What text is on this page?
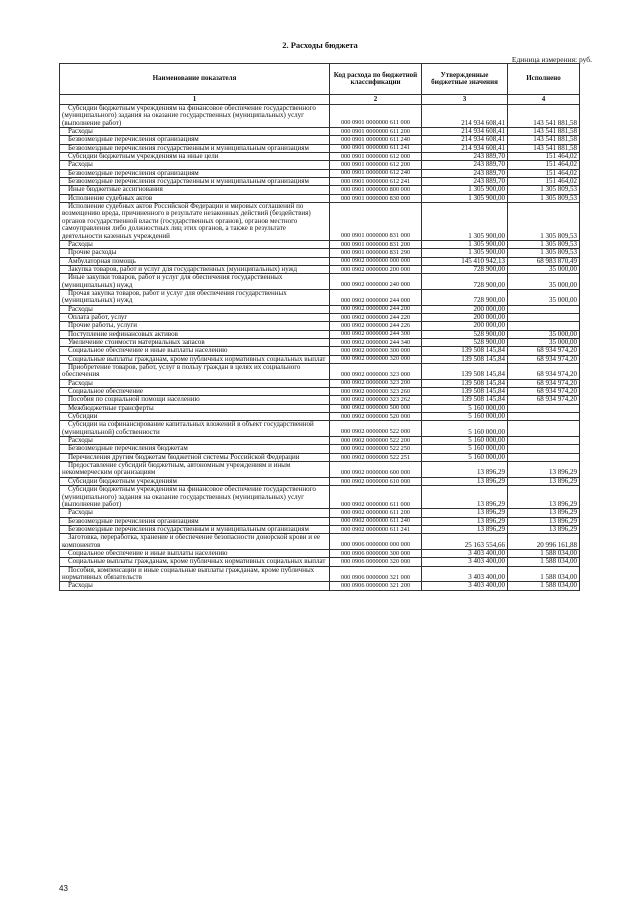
2. Расходы бюджета
Единица измерения: руб.
Наименование показателя	Код расхода по бюджетной классификации	Утвержденные бюджетные значения	Исполнено
1	2	3	4
Субсидии бюджетным учреждениям на финансовое обеспечение государственного (муниципального) задания на оказание государственных (муниципальных) услуг (выполнение работ)	000 0901 0000000 611 000	214 934 608,41	143 541 881,58
Расходы	000 0901 0000000 611 200	214 934 608,41	143 541 881,58
Безвозмездные перечисления организациям	000 0901 0000000 611 240	214 934 608,41	143 541 881,58
Безвозмездные перечисления государственным и муниципальным организациям	000 0901 0000000 611 241	214 934 608,41	143 541 881,58
Субсидии бюджетным учреждениям на иные цели	000 0901 0000000 612 000	243 889,70	151 464,02
Расходы	000 0901 0000000 612 200	243 889,70	151 464,02
Безвозмездные перечисления организациям	000 0901 0000000 612 240	243 889,70	151 464,02
Безвозмездные перечисления государственным и муниципальным организациям	000 0901 0000000 612 241	243 889,70	151 464,02
Иные бюджетные ассигнования	000 0901 0000000 800 000	1 305 900,00	1 305 809,53
Исполнение судебных актов	000 0901 0000000 830 000	1 305 900,00	1 305 809,53
Исполнение судебных актов Российской Федерации и мировых соглашений по возмещению вреда, причиненного в результате незаконных действий (бездействия) органов государственной власти (государственных органов), органов местного самоуправления либо должностных лиц этих органов, а также в результате деятельности казенных учреждений	000 0901 0000000 831 000	1 305 900,00	1 305 809,53
Расходы	000 0901 0000000 831 200	1 305 900,00	1 305 809,53
Прочие расходы	000 0901 0000000 831 290	1 305 900,00	1 305 809,53
Амбулаторная помощь	000 0902 0000000 000 000	145 410 942,13	68 983 870,49
Закупка товаров, работ и услуг для государственных (муниципальных) нужд	000 0902 0000000 200 000	728 900,00	35 000,00
Иные закупки товаров, работ и услуг для обеспечения государственных (муниципальных) нужд	000 0902 0000000 240 000	728 900,00	35 000,00
Прочая закупка товаров, работ и услуг для обеспечения государственных (муниципальных) нужд	000 0902 0000000 244 000	728 900,00	35 000,00
Расходы	000 0902 0000000 244 200	200 000,00	
Оплата работ, услуг	000 0902 0000000 244 220	200 000,00	
Прочие работы, услуги	000 0902 0000000 244 226	200 000,00	
Поступление нефинансовых активов	000 0902 0000000 244 300	528 900,00	35 000,00
Увеличение стоимости материальных запасов	000 0902 0000000 244 340	528 900,00	35 000,00
Социальное обеспечение и иные выплаты населению	000 0902 0000000 300 000	139 508 145,84	68 934 974,20
Социальные выплаты гражданам, кроме публичных нормативных социальных выплат	000 0902 0000000 320 000	139 508 145,84	68 934 974,20
Приобретение товаров, работ, услуг в пользу граждан в целях их социального обеспечения	000 0902 0000000 323 000	139 508 145,84	68 934 974,20
Расходы	000 0902 0000000 323 200	139 508 145,84	68 934 974,20
Социальное обеспечение	000 0902 0000000 323 260	139 508 145,84	68 934 974,20
Пособия по социальной помощи населению	000 0902 0000000 323 262	139 508 145,84	68 934 974,20
Межбюджетные трансферты	000 0902 0000000 500 000	5 160 000,00	
Субсидии	000 0902 0000000 520 000	5 160 000,00	
Субсидии на софинансирование капитальных вложений в объект государственной (муниципальной) собственности	000 0902 0000000 522 000	5 160 000,00	
Расходы	000 0902 0000000 522 200	5 160 000,00	
Безвозмездные перечисления бюджетам	000 0902 0000000 522 250	5 160 000,00	
Перечисления другим бюджетам бюджетной системы Российской Федерации	000 0902 0000000 522 251	5 160 000,00	
Предоставление субсидий бюджетным, автономным учреждениям и иным некоммерческим организациям	000 0902 0000000 600 000	13 896,29	13 896,29
Субсидии бюджетным учреждениям	000 0902 0000000 610 000	13 896,29	13 896,29
Субсидии бюджетным учреждениям на финансовое обеспечение государственного (муниципального) задания на оказание государственных (муниципальных) услуг (выполнение работ)	000 0902 0000000 611 000	13 896,29	13 896,29
Расходы	000 0902 0000000 611 200	13 896,29	13 896,29
Безвозмездные перечисления организациям	000 0902 0000000 611 240	13 896,29	13 896,29
Безвозмездные перечисления государственным и муниципальным организациям	000 0902 0000000 611 241	13 896,29	13 896,29
Заготовка, переработка, хранение и обеспечение безопасности донорской крови и ее компонентов	000 0906 0000000 000 000	25 163 554,66	20 996 161,88
Социальное обеспечение и иные выплаты населению	000 0906 0000000 300 000	3 403 400,00	1 588 034,00
Социальные выплаты гражданам, кроме публичных нормативных социальных выплат	000 0906 0000000 320 000	3 403 400,00	1 588 034,00
Пособия, компенсации и иные социальные выплаты гражданам, кроме публичных нормативных обязательств	000 0906 0000000 321 000	3 403 400,00	1 588 034,00
Расходы	000 0906 0000000 321 200	3 403 400,00	1 588 034,00
43
